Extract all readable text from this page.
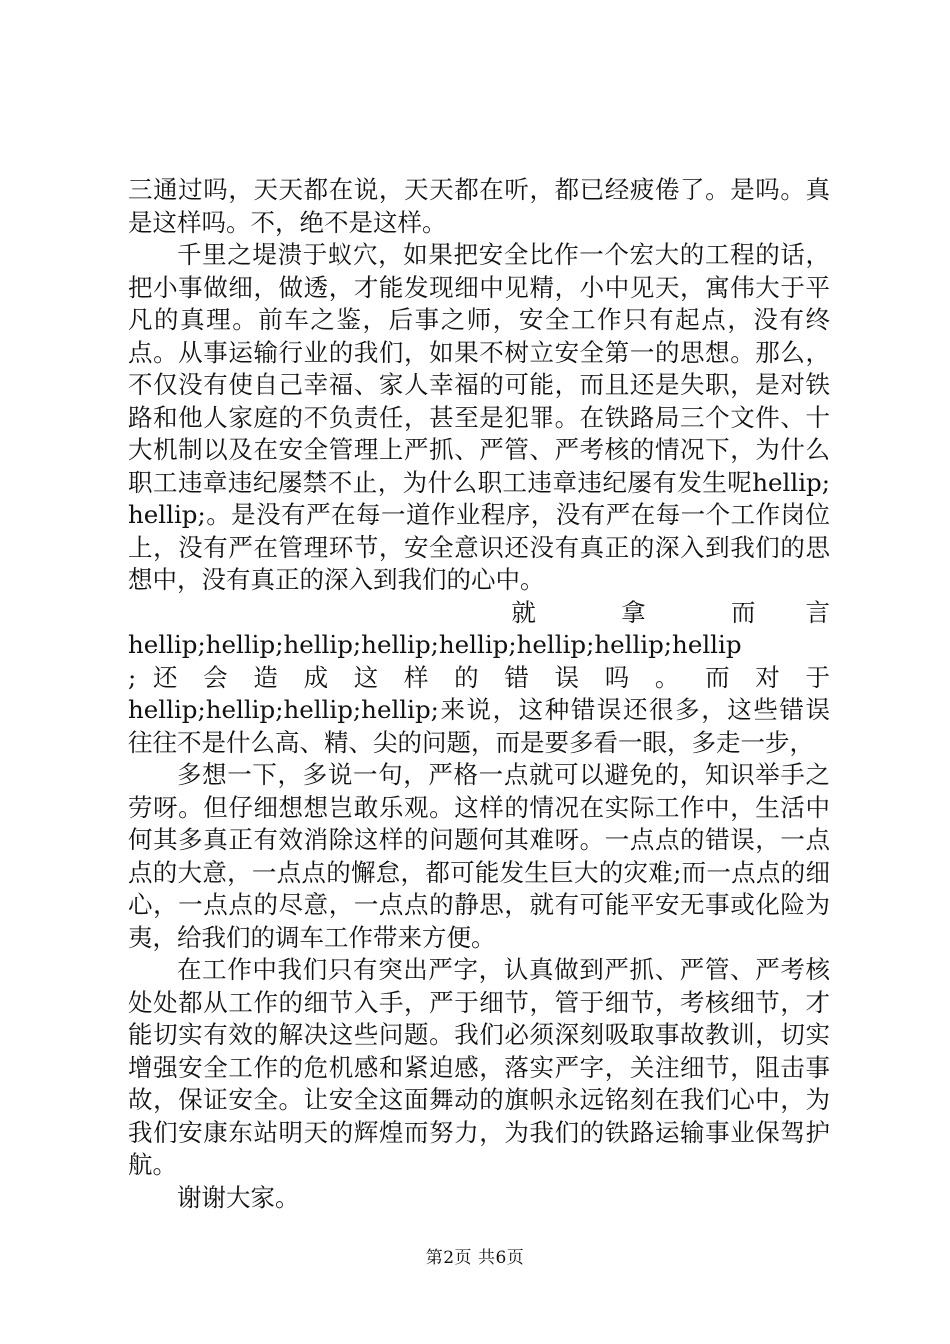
三通过吗，天天都在说，天天都在听，都已经疲倦了。是吗。真是这样吗。不，绝不是这样。

千里之堤溃于蚁穴，如果把安全比作一个宏大的工程的话，把小事做细，做透，才能发现细中见精，小中见天，寓伟大于平凡的真理。前车之鉴，后事之师，安全工作只有起点，没有终点。从事运输行业的我们，如果不树立安全第一的思想。那么，不仅没有使自己幸福、家人幸福的可能，而且还是失职，是对铁路和他人家庭的不负责任，甚至是犯罪。在铁路局三个文件、十大机制以及在安全管理上严抓、严管、严考核的情况下，为什么职工违章违纪屡禁不止，为什么职工违章违纪屡有发生呢hellip;hellip;。是没有严在每一道作业程序，没有严在每一个工作岗位上，没有严在管理环节，安全意识还没有真正的深入到我们的思想中，没有真正的深入到我们的心中。

就	拿	而 言
hellip;hellip;hellip;hellip;hellip;hellip;hellip;hellip
; 还 会 造 成 这 样 的 错 误 吗 。 而 对 于

hellip;hellip;hellip;hellip;来说，这种错误还很多，这些错误往往不是什么高、精、尖的问题，而是要多看一眼，多走一步，

多想一下，多说一句，严格一点就可以避免的，知识举手之劳呀。但仔细想想岂敢乐观。这样的情况在实际工作中，生活中何其多真正有效消除这样的问题何其难呀。一点点的错误，一点点的大意，一点点的懈怠，都可能发生巨大的灾难;而一点点的细心，一点点的尽意，一点点的静思，就有可能平安无事或化险为夷，给我们的调车工作带来方便。

在工作中我们只有突出严字，认真做到严抓、严管、严考核处处都从工作的细节入手，严于细节，管于细节，考核细节，才能切实有效的解决这些问题。我们必须深刻吸取事故教训，切实增强安全工作的危机感和紧迫感，落实严字，关注细节，阻击事故，保证安全。让安全这面舞动的旗帜永远铭刻在我们心中，为我们安康东站明天的辉煌而努力，为我们的铁路运输事业保驾护航。

谢谢大家。

第2页 共6页
